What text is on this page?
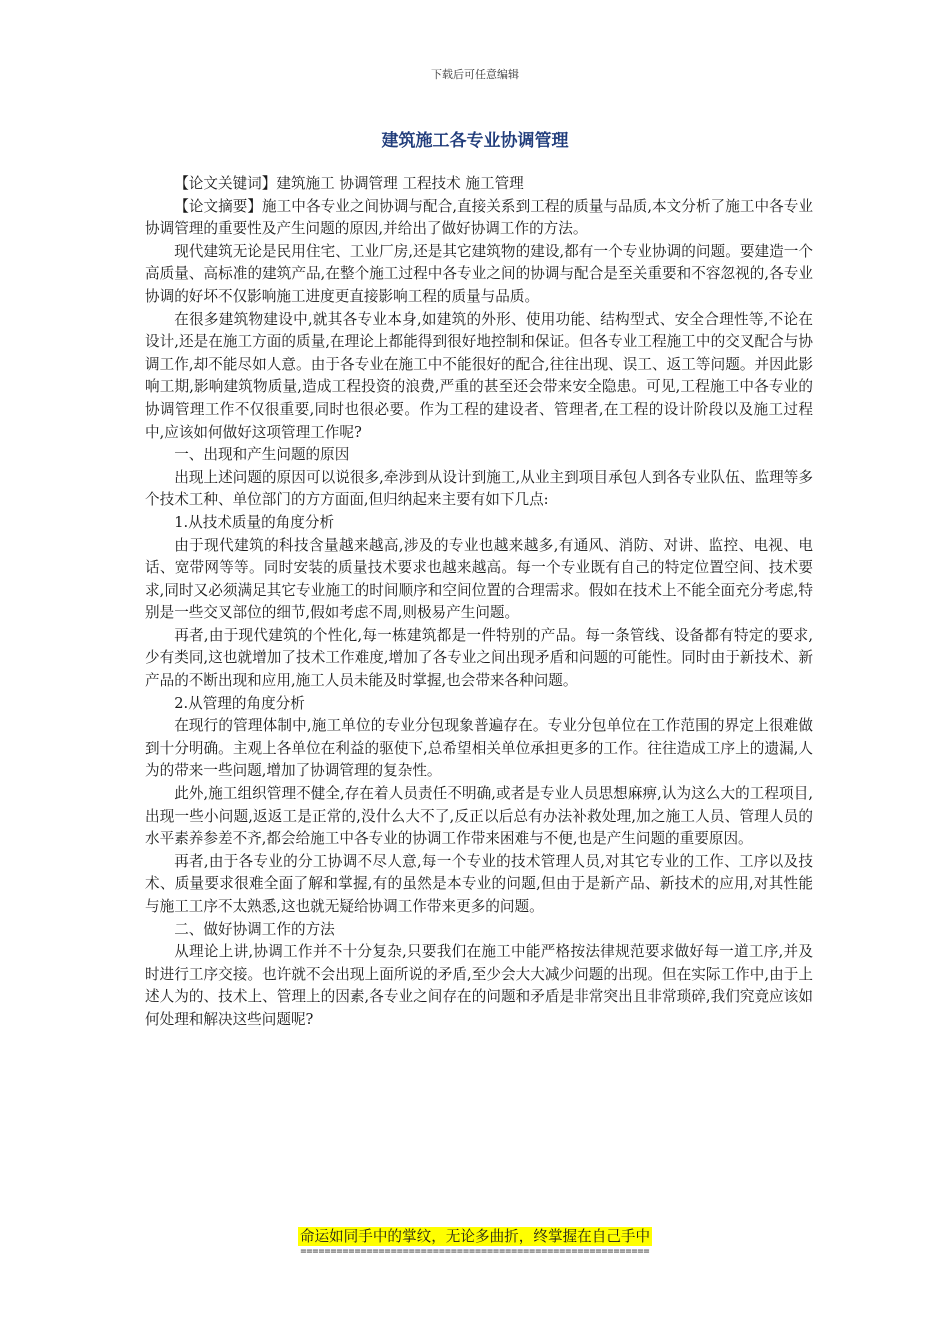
下载后可任意编辑
建筑施工各专业协调管理

【论文关键词】建筑施工 协调管理 工程技术 施工管理

【论文摘要】施工中各专业之间协调与配合,直接关系到工程的质量与品质,本文分析了施工中各专业协调管理的重要性及产生问题的原因,并给出了做好协调工作的方法。

现代建筑无论是民用住宅、工业厂房,还是其它建筑物的建设,都有一个专业协调的问题。要建造一个高质量、高标准的建筑产品,在整个施工过程中各专业之间的协调与配合是至关重要和不容忽视的,各专业协调的好坏不仅影响施工进度更直接影响工程的质量与品质。

在很多建筑物建设中,就其各专业本身,如建筑的外形、使用功能、结构型式、安全合理性等,不论在设计,还是在施工方面的质量,在理论上都能得到很好地控制和保证。但各专业工程施工中的交叉配合与协调工作,却不能尽如人意。由于各专业在施工中不能很好的配合,往往出现、误工、返工等问题。并因此影响工期,影响建筑物质量,造成工程投资的浪费,严重的甚至还会带来安全隐患。可见,工程施工中各专业的协调管理工作不仅很重要,同时也很必要。作为工程的建设者、管理者,在工程的设计阶段以及施工过程中,应该如何做好这项管理工作呢?

一、出现和产生问题的原因

出现上述问题的原因可以说很多,牵涉到从设计到施工,从业主到项目承包人到各专业队伍、监理等多个技术工种、单位部门的方方面面,但归纳起来主要有如下几点:

1.从技术质量的角度分析

由于现代建筑的科技含量越来越高,涉及的专业也越来越多,有通风、消防、对讲、监控、电视、电话、宽带网等等。同时安装的质量技术要求也越来越高。每一个专业既有自己的特定位置空间、技术要求,同时又必须满足其它专业施工的时间顺序和空间位置的合理需求。假如在技术上不能全面充分考虑,特别是一些交叉部位的细节,假如考虑不周,则极易产生问题。

再者,由于现代建筑的个性化,每一栋建筑都是一件特别的产品。每一条管线、设备都有特定的要求,少有类同,这也就增加了技术工作难度,增加了各专业之间出现矛盾和问题的可能性。同时由于新技术、新产品的不断出现和应用,施工人员未能及时掌握,也会带来各种问题。

2.从管理的角度分析

在现行的管理体制中,施工单位的专业分包现象普遍存在。专业分包单位在工作范围的界定上很难做到十分明确。主观上各单位在利益的驱使下,总希望相关单位承担更多的工作。往往造成工序上的遗漏,人为的带来一些问题,增加了协调管理的复杂性。

此外,施工组织管理不健全,存在着人员责任不明确,或者是专业人员思想麻痹,认为这么大的工程项目,出现一些小问题,返返工是正常的,没什么大不了,反正以后总有办法补救处理,加之施工人员、管理人员的水平素养参差不齐,都会给施工中各专业的协调工作带来困难与不便,也是产生问题的重要原因。

再者,由于各专业的分工协调不尽人意,每一个专业的技术管理人员,对其它专业的工作、工序以及技术、质量要求很难全面了解和掌握,有的虽然是本专业的问题,但由于是新产品、新技术的应用,对其性能与施工工序不太熟悉,这也就无疑给协调工作带来更多的问题。

二、做好协调工作的方法

从理论上讲,协调工作并不十分复杂,只要我们在施工中能严格按法律规范要求做好每一道工序,并及时进行工序交接。也许就不会出现上面所说的矛盾,至少会大大减少问题的出现。但在实际工作中,由于上述人为的、技术上、管理上的因素,各专业之间存在的问题和矛盾是非常突出且非常琐碎,我们究竟应该如何处理和解决这些问题呢?

命运如同手中的掌纹，无论多曲折，终掌握在自己手中
==========================================================
